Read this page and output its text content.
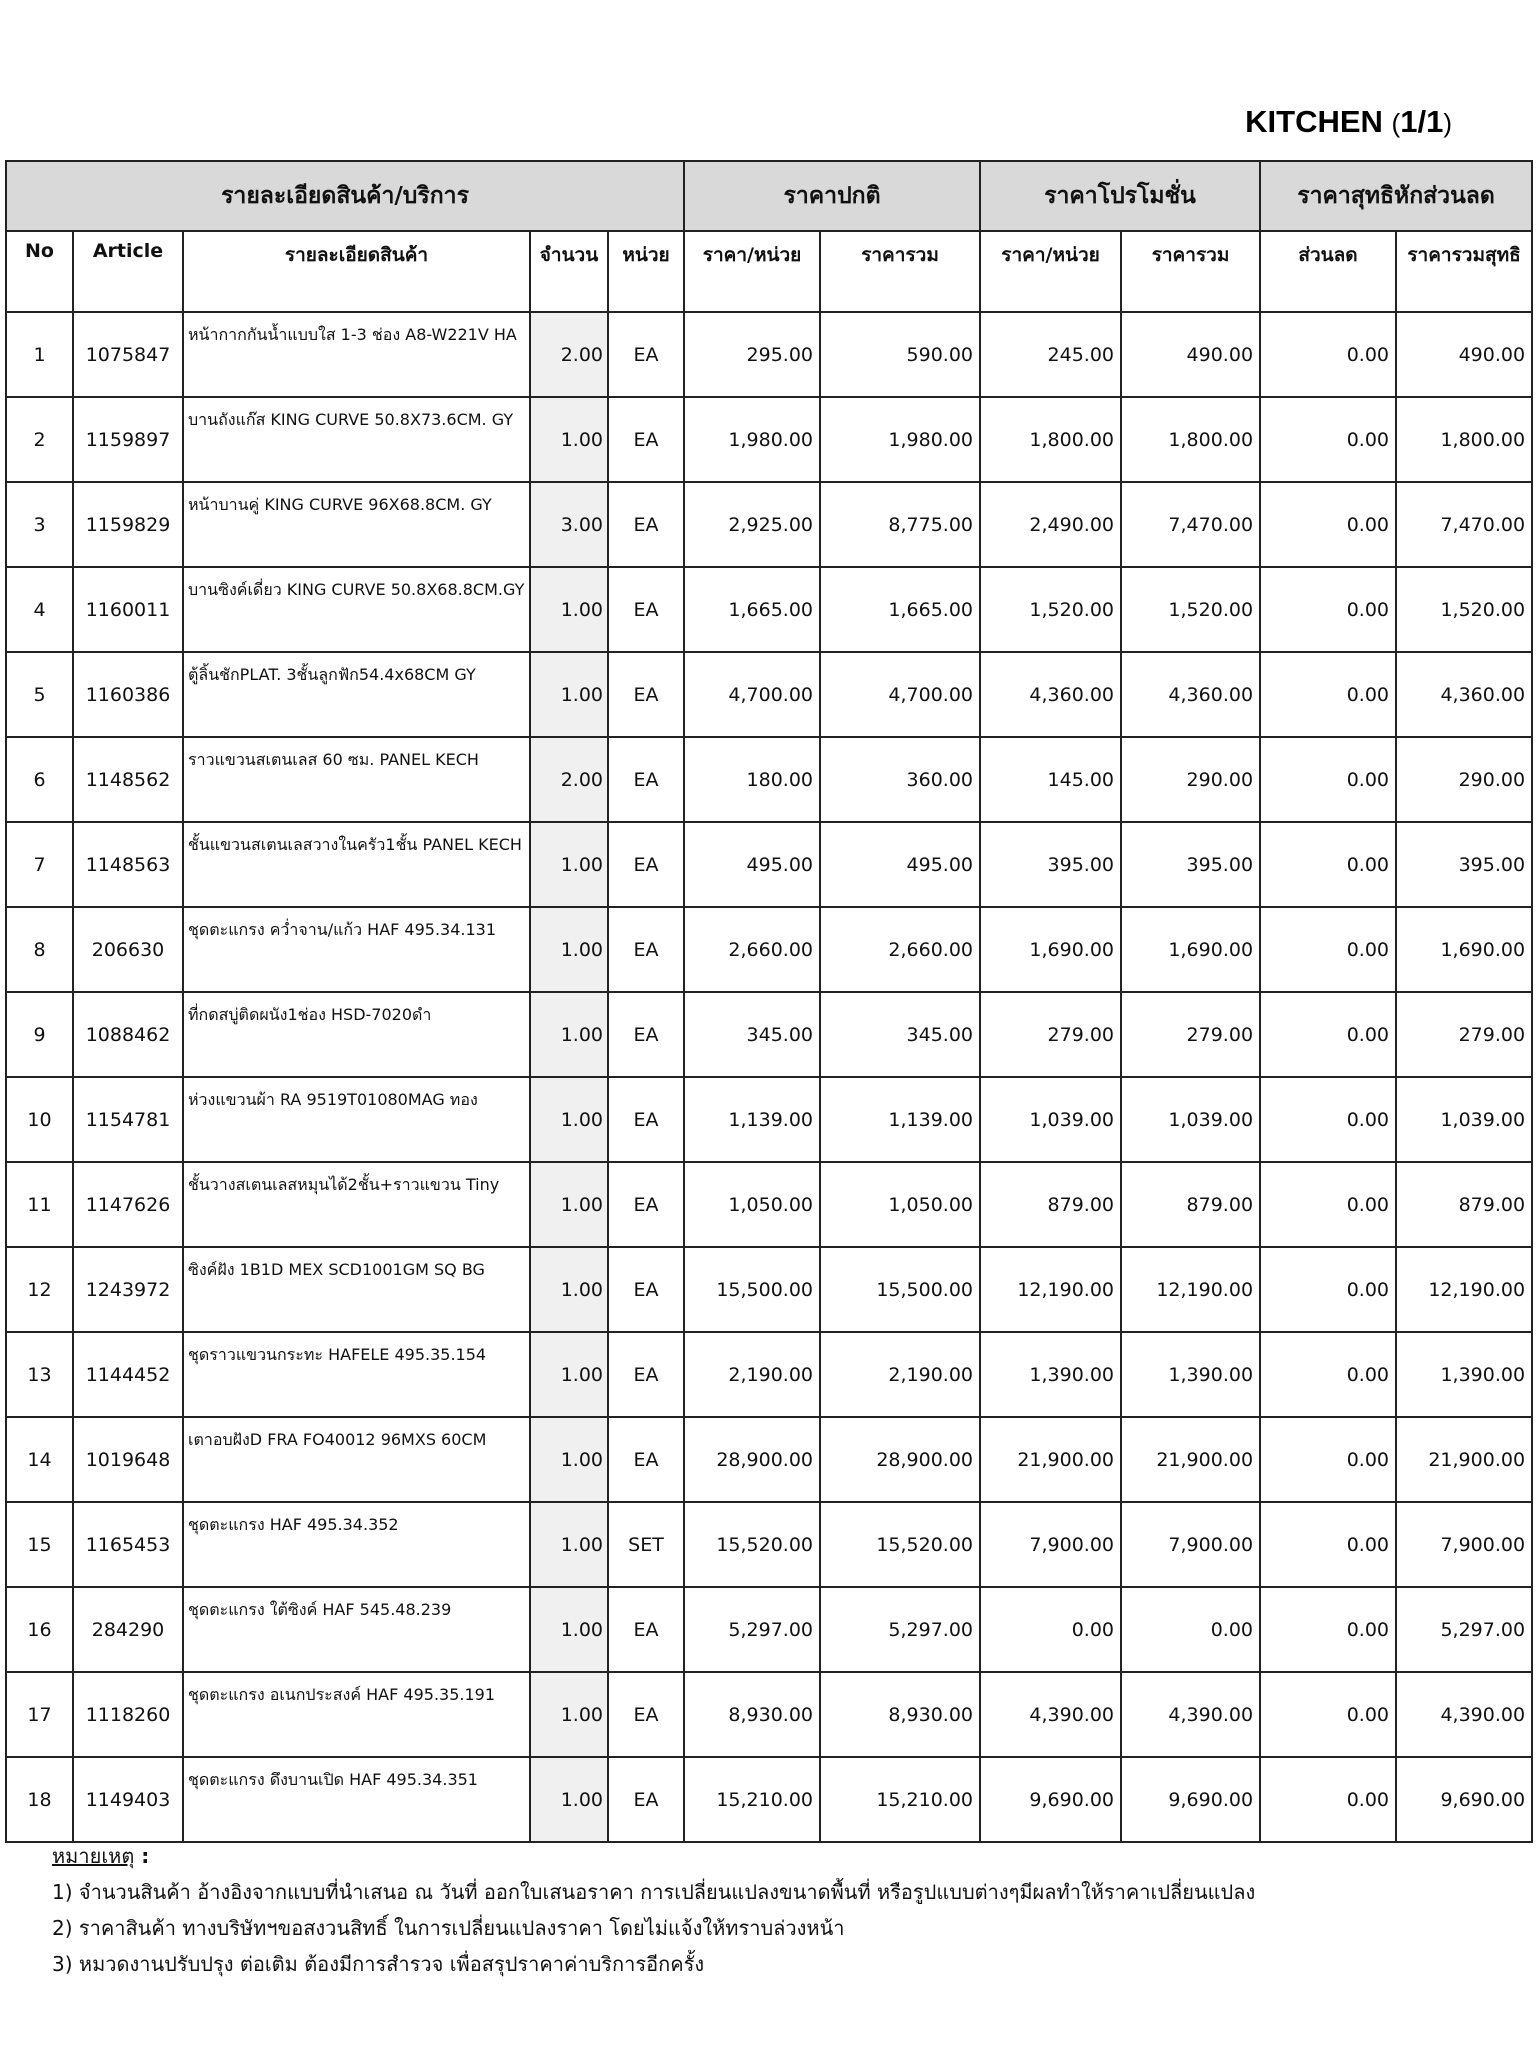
KITCHEN (1/1)
รายละเอียดสินค้า/บริการ					ราคาปกติ		ราคาโปรโมชั่น		ราคาสุทธิหักส่วนลด	
No	Article	รายละเอียดสินค้า	จำนวน	หน่วย	ราคา/หน่วย	ราคารวม	ราคา/หน่วย	ราคารวม	ส่วนลด	ราคารวมสุทธิ
1	1075847	หน้ากากกันน้ำแบบใส 1-3 ช่อง A8-W221V HA	2.00	EA	295.00	590.00	245.00	490.00	0.00	490.00
2	1159897	บานถังแก๊ส KING CURVE 50.8X73.6CM. GY	1.00	EA	1,980.00	1,980.00	1,800.00	1,800.00	0.00	1,800.00
3	1159829	หน้าบานคู่ KING CURVE 96X68.8CM. GY	3.00	EA	2,925.00	8,775.00	2,490.00	7,470.00	0.00	7,470.00
4	1160011	บานซิงค์เดี่ยว KING CURVE 50.8X68.8CM.GY	1.00	EA	1,665.00	1,665.00	1,520.00	1,520.00	0.00	1,520.00
5	1160386	ตู้ลิ้นชักPLAT. 3ชั้นลูกฟัก54.4x68CM GY	1.00	EA	4,700.00	4,700.00	4,360.00	4,360.00	0.00	4,360.00
6	1148562	ราวแขวนสเตนเลส 60 ซม. PANEL KECH	2.00	EA	180.00	360.00	145.00	290.00	0.00	290.00
7	1148563	ชั้นแขวนสเตนเลสวางในครัว1ชั้น PANEL KECH	1.00	EA	495.00	495.00	395.00	395.00	0.00	395.00
8	206630	ชุดตะแกรง คว่ำจาน/แก้ว HAF 495.34.131	1.00	EA	2,660.00	2,660.00	1,690.00	1,690.00	0.00	1,690.00
9	1088462	ที่กดสบู่ติดผนัง1ช่อง HSD-7020ดำ	1.00	EA	345.00	345.00	279.00	279.00	0.00	279.00
10	1154781	ห่วงแขวนผ้า RA 9519T01080MAG ทอง	1.00	EA	1,139.00	1,139.00	1,039.00	1,039.00	0.00	1,039.00
11	1147626	ชั้นวางสเตนเลสหมุนได้2ชั้น+ราวแขวน Tiny	1.00	EA	1,050.00	1,050.00	879.00	879.00	0.00	879.00
12	1243972	ซิงค์ฝัง 1B1D MEX SCD1001GM SQ BG	1.00	EA	15,500.00	15,500.00	12,190.00	12,190.00	0.00	12,190.00
13	1144452	ชุดราวแขวนกระทะ HAFELE 495.35.154	1.00	EA	2,190.00	2,190.00	1,390.00	1,390.00	0.00	1,390.00
14	1019648	เตาอบฝังD FRA FO40012 96MXS 60CM	1.00	EA	28,900.00	28,900.00	21,900.00	21,900.00	0.00	21,900.00
15	1165453	ชุดตะแกรง HAF 495.34.352	1.00	SET	15,520.00	15,520.00	7,900.00	7,900.00	0.00	7,900.00
16	284290	ชุดตะแกรง ใต้ซิงค์ HAF 545.48.239	1.00	EA	5,297.00	5,297.00	0.00	0.00	0.00	5,297.00
17	1118260	ชุดตะแกรง อเนกประสงค์ HAF 495.35.191	1.00	EA	8,930.00	8,930.00	4,390.00	4,390.00	0.00	4,390.00
18	1149403	ชุดตะแกรง ดึงบานเปิด HAF 495.34.351	1.00	EA	15,210.00	15,210.00	9,690.00	9,690.00	0.00	9,690.00
หมายเหตุ :
1) จำนวนสินค้า อ้างอิงจากแบบที่นำเสนอ ณ วันที่ ออกใบเสนอราคา การเปลี่ยนแปลงขนาดพื้นที่ หรือรูปแบบต่างๆมีผลทำให้ราคาเปลี่ยนแปลง
2) ราคาสินค้า ทางบริษัทฯขอสงวนสิทธิ์ ในการเปลี่ยนแปลงราคา โดยไม่แจ้งให้ทราบล่วงหน้า
3) หมวดงานปรับปรุง ต่อเติม ต้องมีการสำรวจ เพื่อสรุปราคาค่าบริการอีกครั้ง
